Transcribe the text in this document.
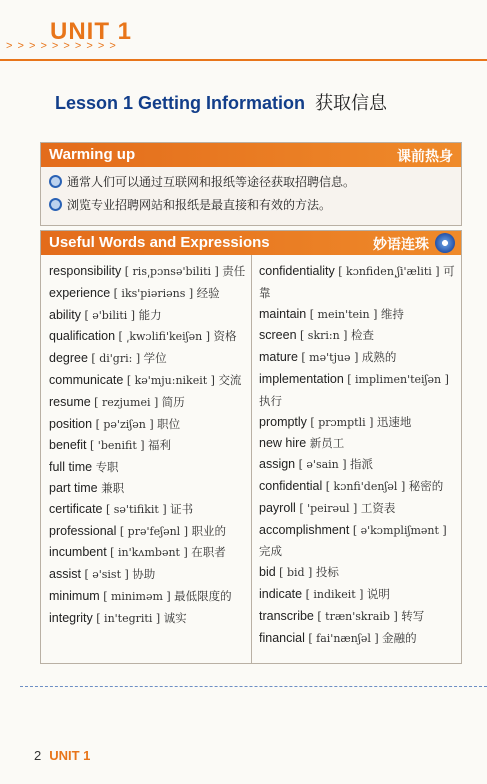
UNIT 1
> > > > > > > > > >
Lesson 1 Getting Information 获取信息
Warming up	课前热身
通常人们可以通过互联网和报纸等途径获取招聘信息。
浏览专业招聘网站和报纸是最直接和有效的方法。
Useful Words and Expressions	妙语连珠
responsibility [ ris͵pɔnsə'biliti ] 责任
experience [ iks'piəriəns ] 经验
ability [ ə'biliti ] 能力
qualification [ ͵kwɔlifi'keiʃən ] 资格
degree [ di'gri: ] 学位
communicate [ kə'mju:nikeit ] 交流
resume [ rezjumei ] 简历
position [ pə'ziʃən ] 职位
benefit [ 'benifit ] 福利
full time 专职
part time 兼职
certificate [ sə'tifikit ] 证书
professional [ prə'feʃənl ] 职业的
incumbent [ in'kʌmbənt ] 在职者
assist [ ə'sist ] 协助
minimum [ minimәm ] 最低限度的
integrity [ in'tegriti ] 诚实
confidentiality [ kɔnfiden͵ʃi'æliti ] 可靠
maintain [ mein'tein ] 维持
screen [ skri:n ] 检查
mature [ mə'tjuə ] 成熟的
implementation [ implimen'teiʃən ] 执行
promptly [ prɔmptli ] 迅速地
new hire 新员工
assign [ ə'sain ] 指派
confidential [ kɔnfi'denʃəl ] 秘密的
payroll [ 'peirəul ] 工资表
accomplishment [ ə'kɔmpliʃmənt ] 完成
bid [ bid ] 投标
indicate [ indikeit ] 说明
transcribe [ træn'skraib ] 转写
financial [ fai'nænʃəl ] 金融的
2 UNIT 1
